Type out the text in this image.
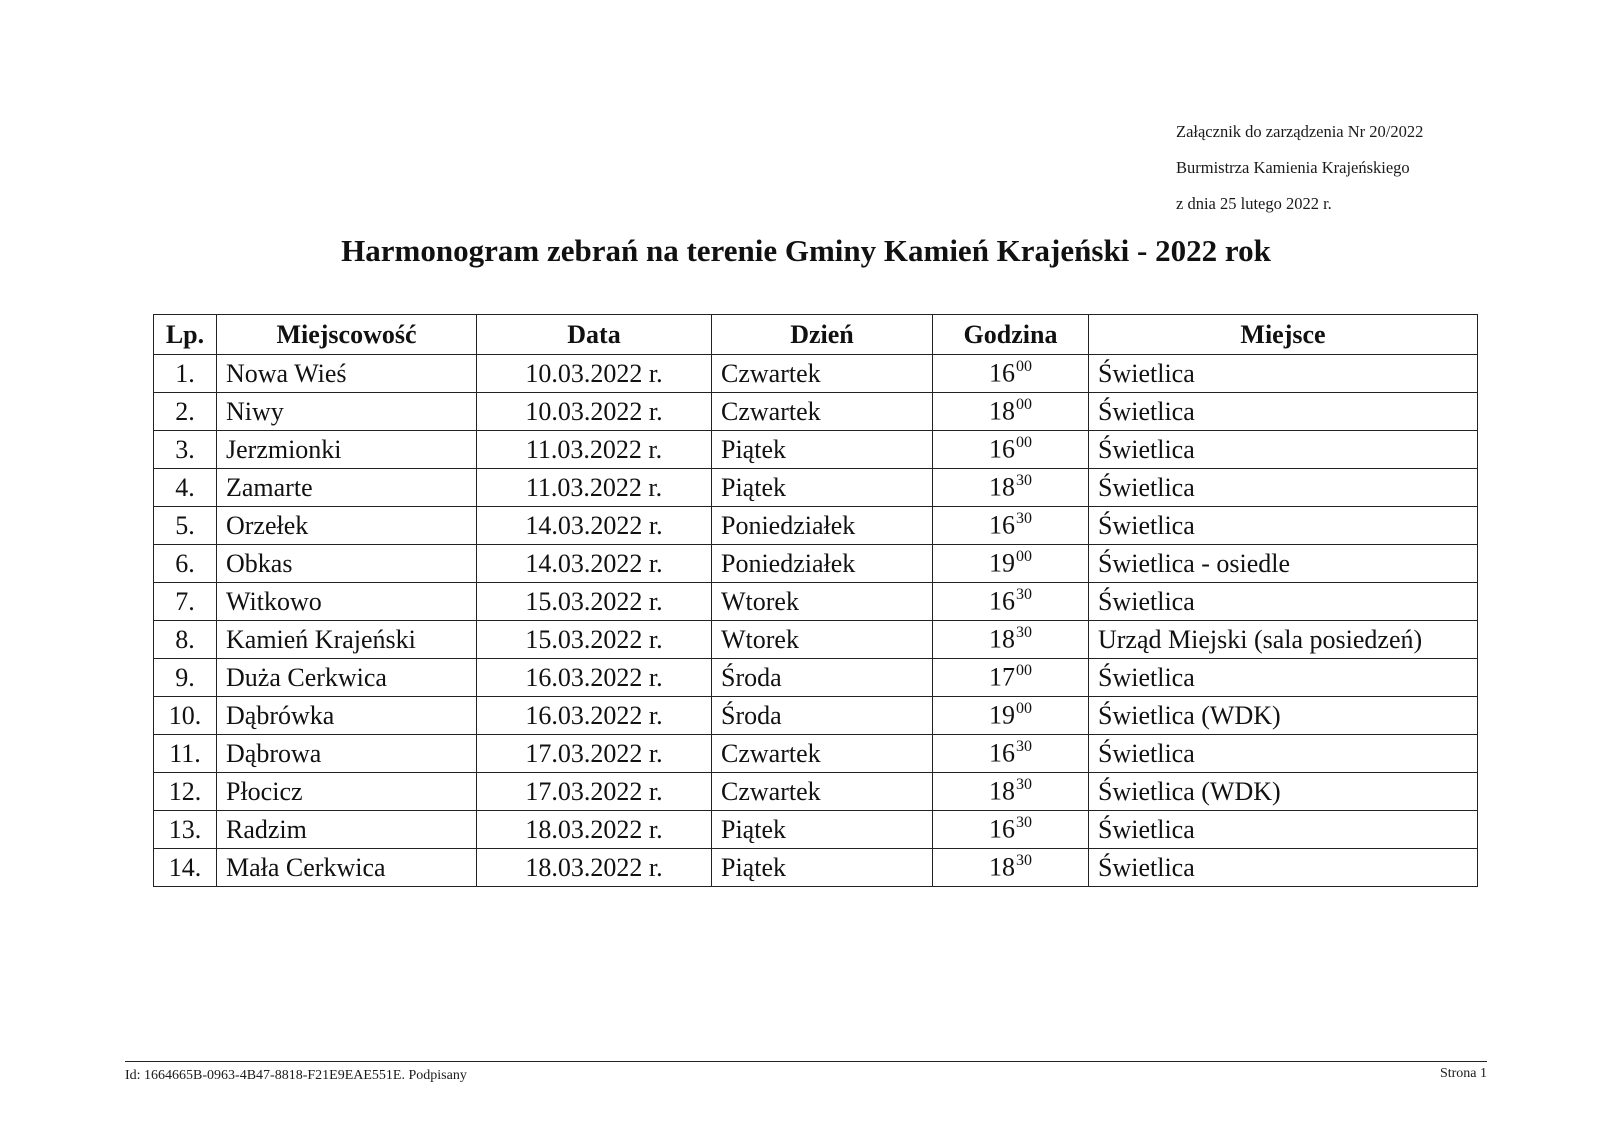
Załącznik do zarządzenia Nr 20/2022
Burmistrza Kamienia Krajeńskiego
z dnia 25 lutego 2022 r.
Harmonogram zebrań na terenie Gminy Kamień Krajeński - 2022 rok
Lp.	Miejscowość	Data	Dzień	Godzina	Miejsce
1.	Nowa Wieś	10.03.2022 r.	Czwartek	$16^{00}$	Świetlica
2.	Niwy	10.03.2022 r.	Czwartek	$18^{00}$	Świetlica
3.	Jerzmionki	11.03.2022 r.	Piątek	$16^{00}$	Świetlica
4.	Zamarte	11.03.2022 r.	Piątek	$18^{30}$	Świetlica
5.	Orzełek	14.03.2022 r.	Poniedziałek	$16^{30}$	Świetlica
6.	Obkas	14.03.2022 r.	Poniedziałek	$19^{00}$	Świetlica - osiedle
7.	Witkowo	15.03.2022 r.	Wtorek	$16^{30}$	Świetlica
8.	Kamień Krajeński	15.03.2022 r.	Wtorek	$18^{30}$	Urząd Miejski (sala posiedzeń)
9.	Duża Cerkwica	16.03.2022 r.	Środa	$17^{00}$	Świetlica
10.	Dąbrówka	16.03.2022 r.	Środa	$19^{00}$	Świetlica (WDK)
11.	Dąbrowa	17.03.2022 r.	Czwartek	$16^{30}$	Świetlica
12.	Płocicz	17.03.2022 r.	Czwartek	$18^{30}$	Świetlica (WDK)
13.	Radzim	18.03.2022 r.	Piątek	$16^{30}$	Świetlica
14.	Mała Cerkwica	18.03.2022 r.	Piątek	$18^{30}$	Świetlica
Id: 1664665B-0963-4B47-8818-F21E9EAE551E. Podpisany	Strona 1
